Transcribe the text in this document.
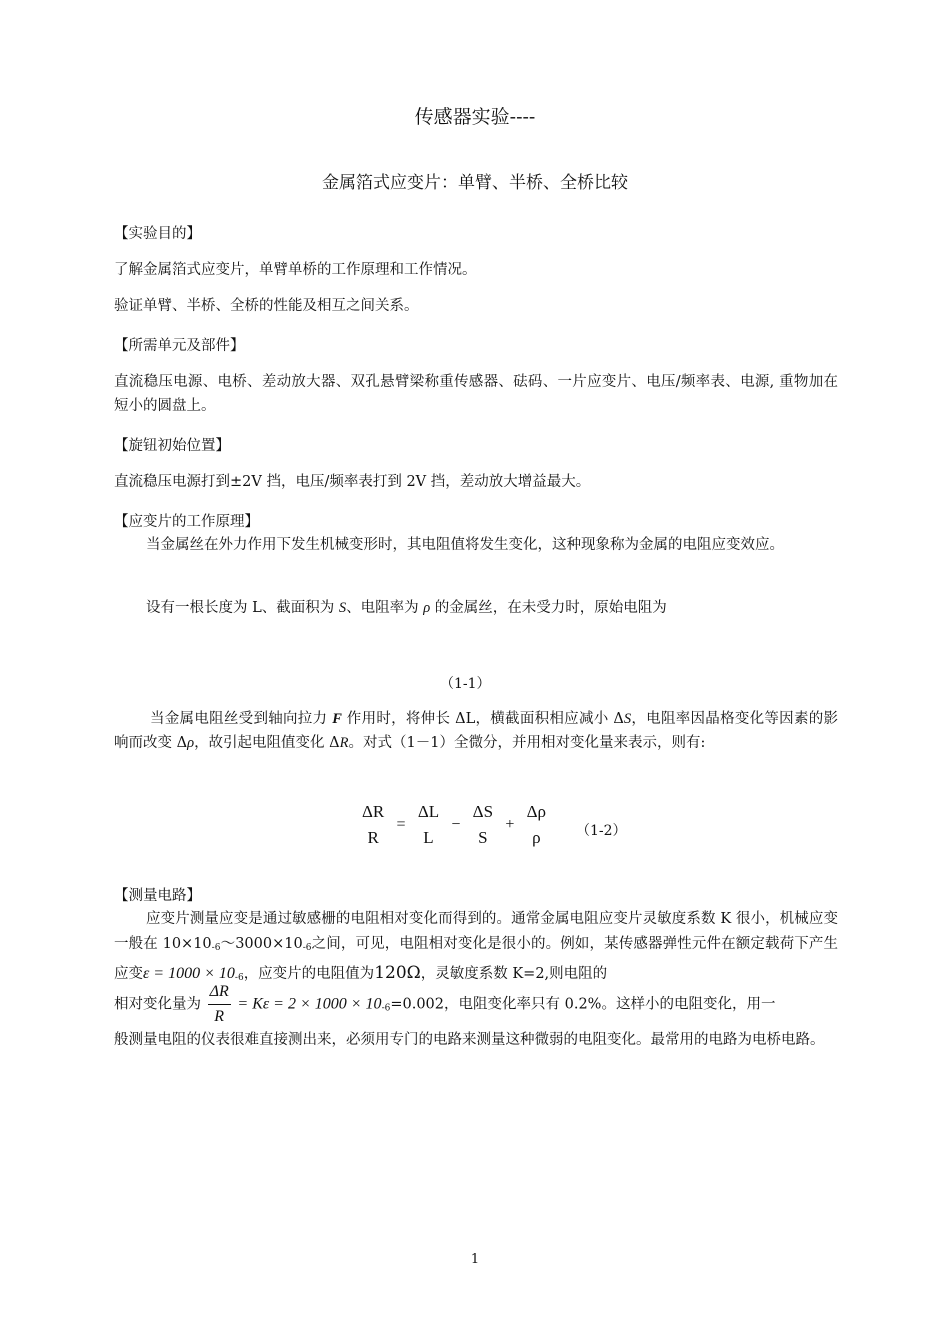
传感器实验----
金属箔式应变片：单臂、半桥、全桥比较
【实验目的】
了解金属箔式应变片，单臂单桥的工作原理和工作情况。
验证单臂、半桥、全桥的性能及相互之间关系。
【所需单元及部件】
直流稳压电源、电桥、差动放大器、双孔悬臂梁称重传感器、砝码、一片应变片、电压/频率表、电源, 重物加在短小的圆盘上。
【旋钮初始位置】
直流稳压电源打到±2V 挡，电压/频率表打到 2V 挡，差动放大增益最大。
【应变片的工作原理】
当金属丝在外力作用下发生机械变形时，其电阻值将发生变化，这种现象称为金属的电阻应变效应。
设有一根长度为 L、截面积为 S、电阻率为 ρ 的金属丝，在未受力时，原始电阻为
（1-1）
当金属电阻丝受到轴向拉力 F 作用时，将伸长 ΔL，横截面积相应减小 ΔS，电阻率因晶格变化等因素的影响而改变 Δρ，故引起电阻值变化 ΔR。对式（1－1）全微分，并用相对变化量来表示，则有:
ΔR
R
=
ΔL
L
−
ΔS
S
+
Δρ
ρ	（1-2）
【测量电路】
应变片测量应变是通过敏感栅的电阻相对变化而得到的。通常金属电阻应变片灵敏度系数 K 很小，机械应变一般在 $10\times 10_{-6}\sim 3000\times 10_{-6}$之间，可见，电阻相对变化是很小的。例如，某传感器弹性元件在额定载荷下产生应变$\varepsilon = 1000 \times 10_{-6}$，应变片的电阻值为120Ω，灵敏度系数 K=2,则电阻的
相对变化量为 $\frac{\Delta R}{R} = K\varepsilon = 2 \times 1000 \times 10_{-6}=0.002$，电阻变化率只有 0.2%。这样小的电阻变化，用一
般测量电阻的仪表很难直接测出来，必须用专门的电路来测量这种微弱的电阻变化。最常用的电路为电桥电路。
1
